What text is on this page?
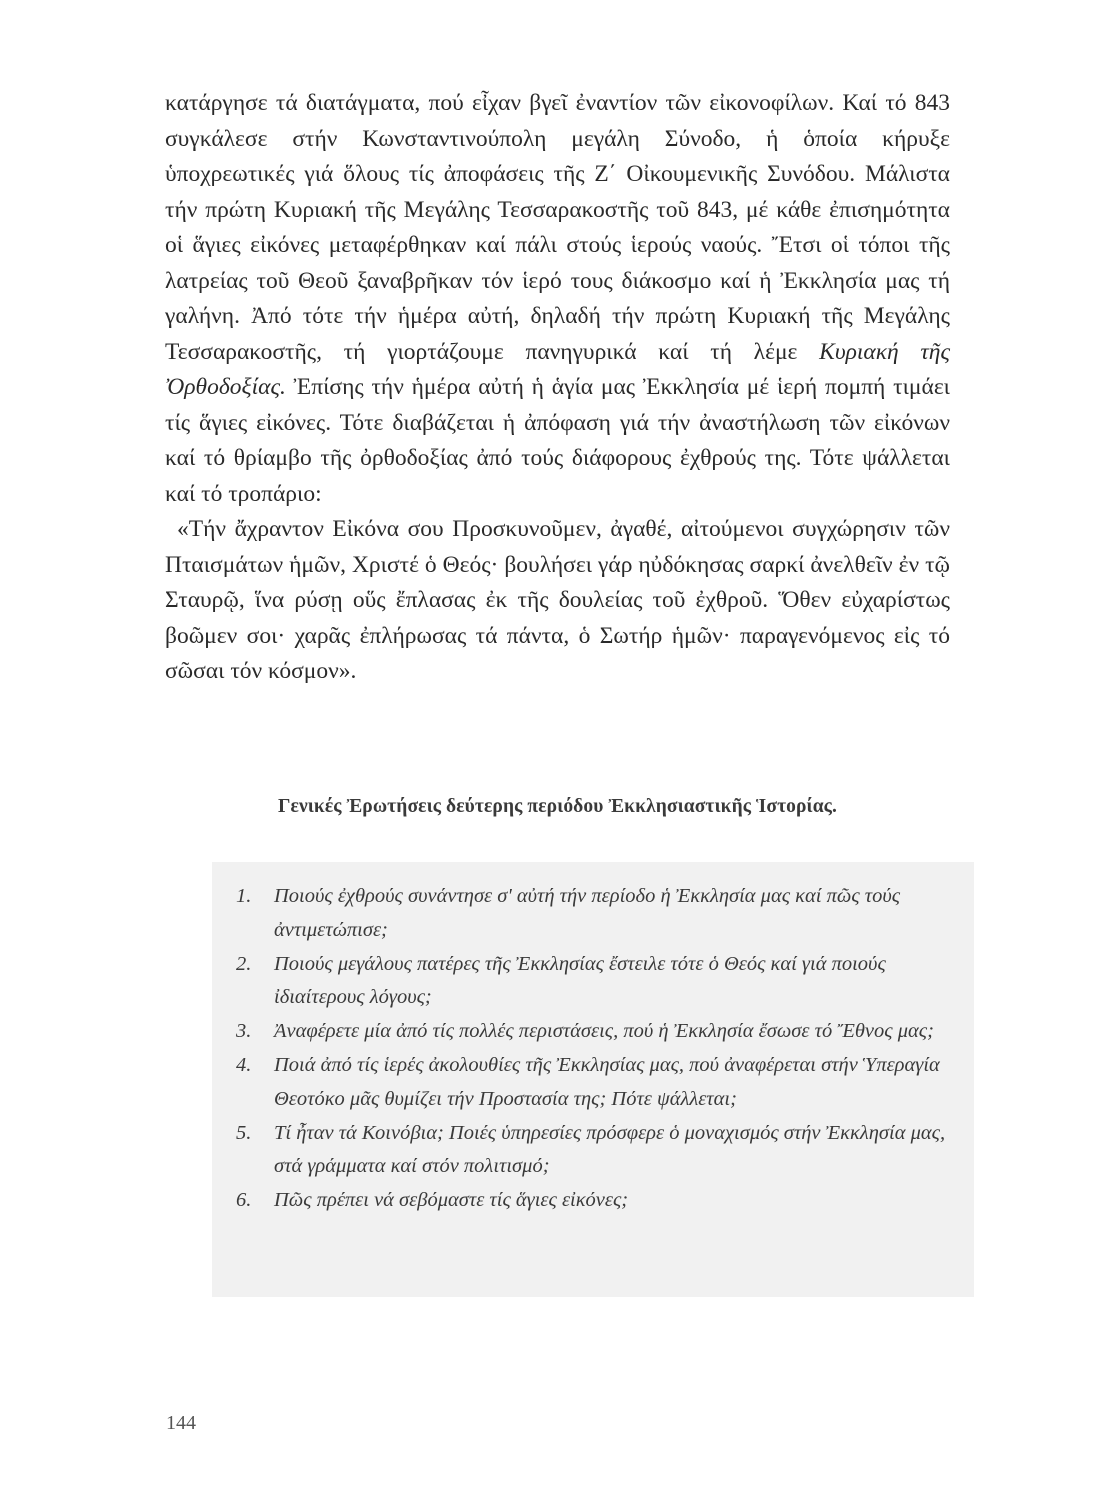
κατάργησε τά διατάγματα, πού εἶχαν βγεῖ ἐναντίον τῶν εἰκονοφίλων. Καί τό 843 συγκάλεσε στήν Κωνσταντινούπολη μεγάλη Σύνοδο, ἡ ὁποία κήρυξε ὑποχρεωτικές γιά ὅλους τίς ἀποφάσεις τῆς Ζ΄ Οἰκουμενικῆς Συνόδου. Μάλιστα τήν πρώτη Κυριακή τῆς Μεγάλης Τεσσαρακοστῆς τοῦ 843, μέ κάθε ἐπισημότητα οἱ ἅγιες εἰκόνες μεταφέρθηκαν καί πάλι στούς ἱερούς ναούς. Ἔτσι οἱ τόποι τῆς λατρείας τοῦ Θεοῦ ξαναβρῆκαν τόν ἱερό τους διάκοσμο καί ἡ Ἐκκλησία μας τή γαλήνη. Ἀπό τότε τήν ἡμέρα αὐτή, δηλαδή τήν πρώτη Κυριακή τῆς Μεγάλης Τεσσαρακοστῆς, τή γιορτάζουμε πανηγυρικά καί τή λέμε Κυριακή τῆς Ὀρθοδοξίας. Ἐπίσης τήν ἡμέρα αὐτή ἡ ἁγία μας Ἐκκλησία μέ ἱερή πομπή τιμάει τίς ἅγιες εἰκόνες. Τότε διαβάζεται ἡ ἀπόφαση γιά τήν ἀναστήλωση τῶν εἰκόνων καί τό θρίαμβο τῆς ὀρθοδοξίας ἀπό τούς διάφορους ἐχθρούς της. Τότε ψάλλεται καί τό τροπάριο:

«Τήν ἄχραντον Εἰκόνα σου Προσκυνοῦμεν, ἀγαθέ, αἰτούμενοι συγχώρησιν τῶν Πταισμάτων ἡμῶν, Χριστέ ὁ Θεός· βουλήσει γάρ ηὐδόκησας σαρκί ἀνελθεῖν ἐν τῷ Σταυρῷ, ἵνα ρύσῃ οὕς ἔπλασας ἐκ τῆς δουλείας τοῦ ἐχθροῦ. Ὅθεν εὐχαρίστως βοῶμεν σοι· χαρᾶς ἐπλήρωσας τά πάντα, ὁ Σωτήρ ἡμῶν· παραγενόμενος εἰς τό σῶσαι τόν κόσμον».

Γενικές Ἐρωτήσεις δεύτερης περιόδου Ἐκκλησιαστικῆς Ἱστορίας.
1. Ποιούς ἐχθρούς συνάντησε σ' αὐτή τήν περίοδο ἡ Ἐκκλησία μας καί πῶς τούς ἀντιμετώπισε;
2. Ποιούς μεγάλους πατέρες τῆς Ἐκκλησίας ἔστειλε τότε ὁ Θεός καί γιά ποιούς ἰδιαίτερους λόγους;
3. Ἀναφέρετε μία ἀπό τίς πολλές περιστάσεις, πού ἡ Ἐκκλησία ἔσωσε τό Ἔθνος μας;
4. Ποιά ἀπό τίς ἱερές ἀκολουθίες τῆς Ἐκκλησίας μας, πού ἀναφέρεται στήν Ὑπεραγία Θεοτόκο μᾶς θυμίζει τήν Προστασία της; Πότε ψάλλεται;
5. Τί ἦταν τά Κοινόβια; Ποιές ὑπηρεσίες πρόσφερε ὁ μοναχισμός στήν Ἐκκλησία μας, στά γράμματα καί στόν πολιτισμό;
6. Πῶς πρέπει νά σεβόμαστε τίς ἅγιες εἰκόνες;
144
